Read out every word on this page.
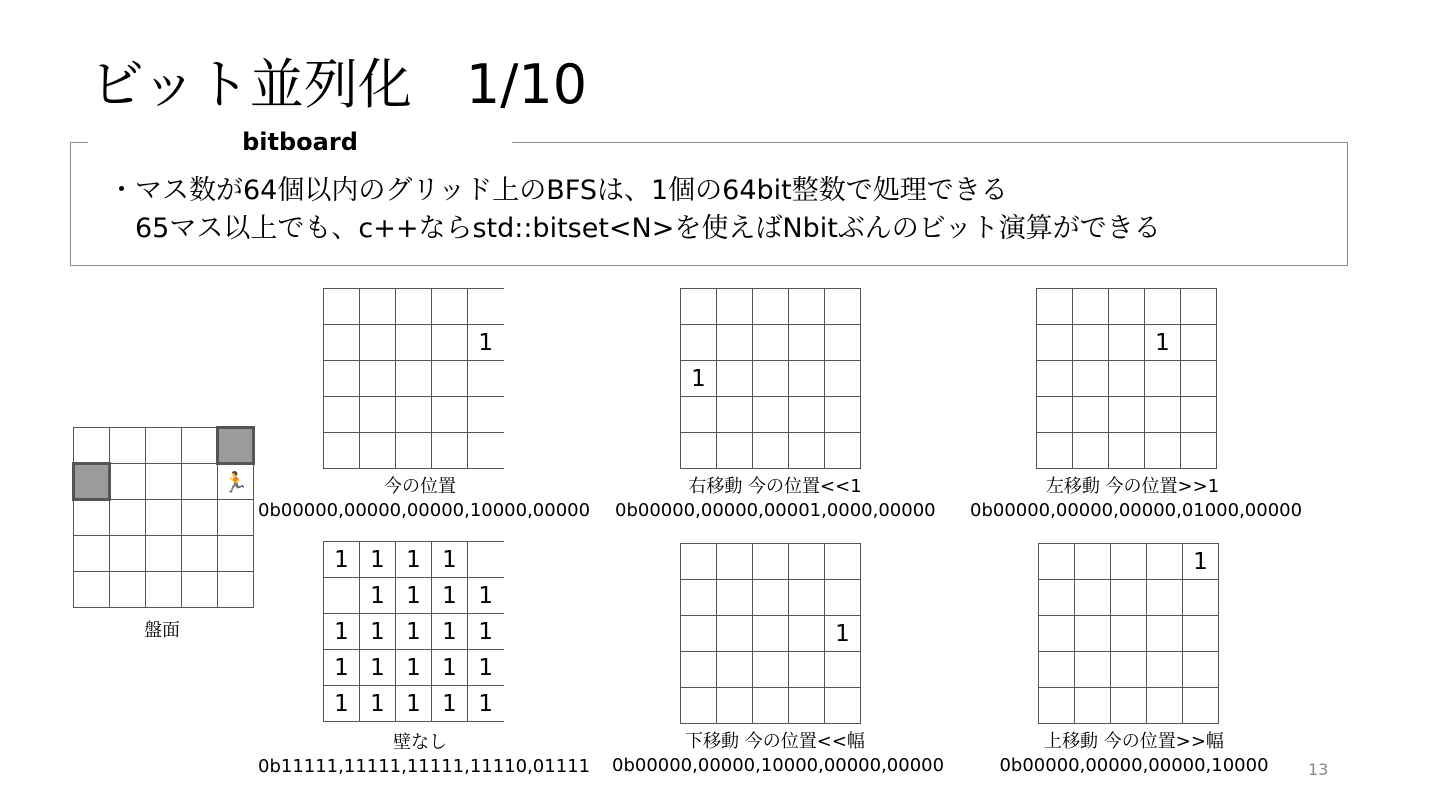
ビット並列化　1/10
bitboard
・マス数が64個以内のグリッド上のBFSは、1個の64bit整数で処理できる
65マス以上でも、c++ならstd::bitset<N>を使えばNbitぶんのビット演算ができる

				🏃

盤面

				1

今の位置
0b00000,00000,00000,10000,00000

1				

右移動 今の位置<<1
0b00000,00000,00001,0000,00000

			1	

左移動 今の位置>>1
0b00000,00000,00000,01000,00000
1	1	1	1	
	1	1	1	1
1	1	1	1	1
1	1	1	1	1
1	1	1	1	1
壁なし
0b11111,11111,11111,11110,01111

				1

下移動 今の位置<<幅
0b00000,00000,10000,00000,00000
				1

上移動 今の位置>>幅
0b00000,00000,00000,10000 13
